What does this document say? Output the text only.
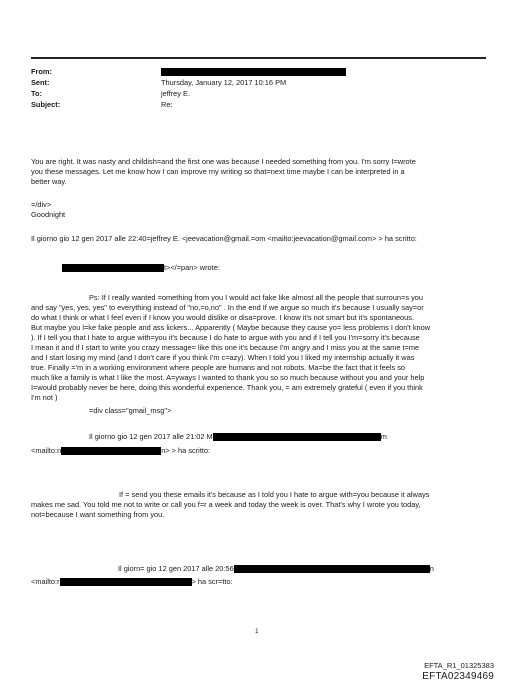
From:
Sent:	Thursday, January 12, 2017 10:16 PM
To:	jeffrey E.
Subject:	Re:
You are right. It was nasty and childish=and the first one was because I needed something from you. I'm sorry I=wrote
you these messages. Let me know how I can improve my writing so that=next time maybe I can be interpreted in a
better way.
=/div>
Goodnight
Il giorno gio 12 gen 2017 alle 22:40=jeffrey E. <jeevacation@gmail.=om <mailto:jeevacation@gmail.com> > ha scritto:
t></=pan> wrote:
Ps: If I really wanted =omething from you I would act fake like almost all the people that surroun=s you
and say "yes, yes, yes" to everything instead of "no,=o,no" . In the end If we argue so much it's because I usually say=or
do what I think or what I feel even if I know you would dislike or disa=prove. I know it's not smart but it's spontaneous.
But maybe you l=ke fake people and ass lickers... Apparently ( Maybe because they cause yo= less problems I don't know
). If I tell you that I hate to argue with=you it's because I do hate to argue with you and if I tell you I'm=sorry it's because
I mean it and if I start to write you crazy message= like this one it's because I'm angry and I miss you at the same t=me
and I start losing my mind (and I don't care if you think I'm c=azy). When I told you I liked my internship actually it was
true. Finally ='m in a working environment where people are humans and not robots. Ma=be the fact that it feels so
much like a family is what I like the most. A=yways I wanted to thank you so so much because without you and your help
I=would probably never be here, doing this wonderful experience. Thank you, = am extremely grateful ( even if you think
I'm not )
=div class="gmail_msg">
Il giorno gio 12 gen 2017 alle 21:02 M	m
<mailto:n	n> > ha scritto:
If = send you these emails it's because as I told you I hate to argue with=you because it always
makes me sad. You told me not to write or call you f=r a week and today the week is over. That's why I wrote you today,
not=because I want something from you.
Il giorn= gio 12 gen 2017 alle 20:56	n
<mailto:r	> ha scr=tto:
1
EFTA_R1_01325383
EFTA02349469
